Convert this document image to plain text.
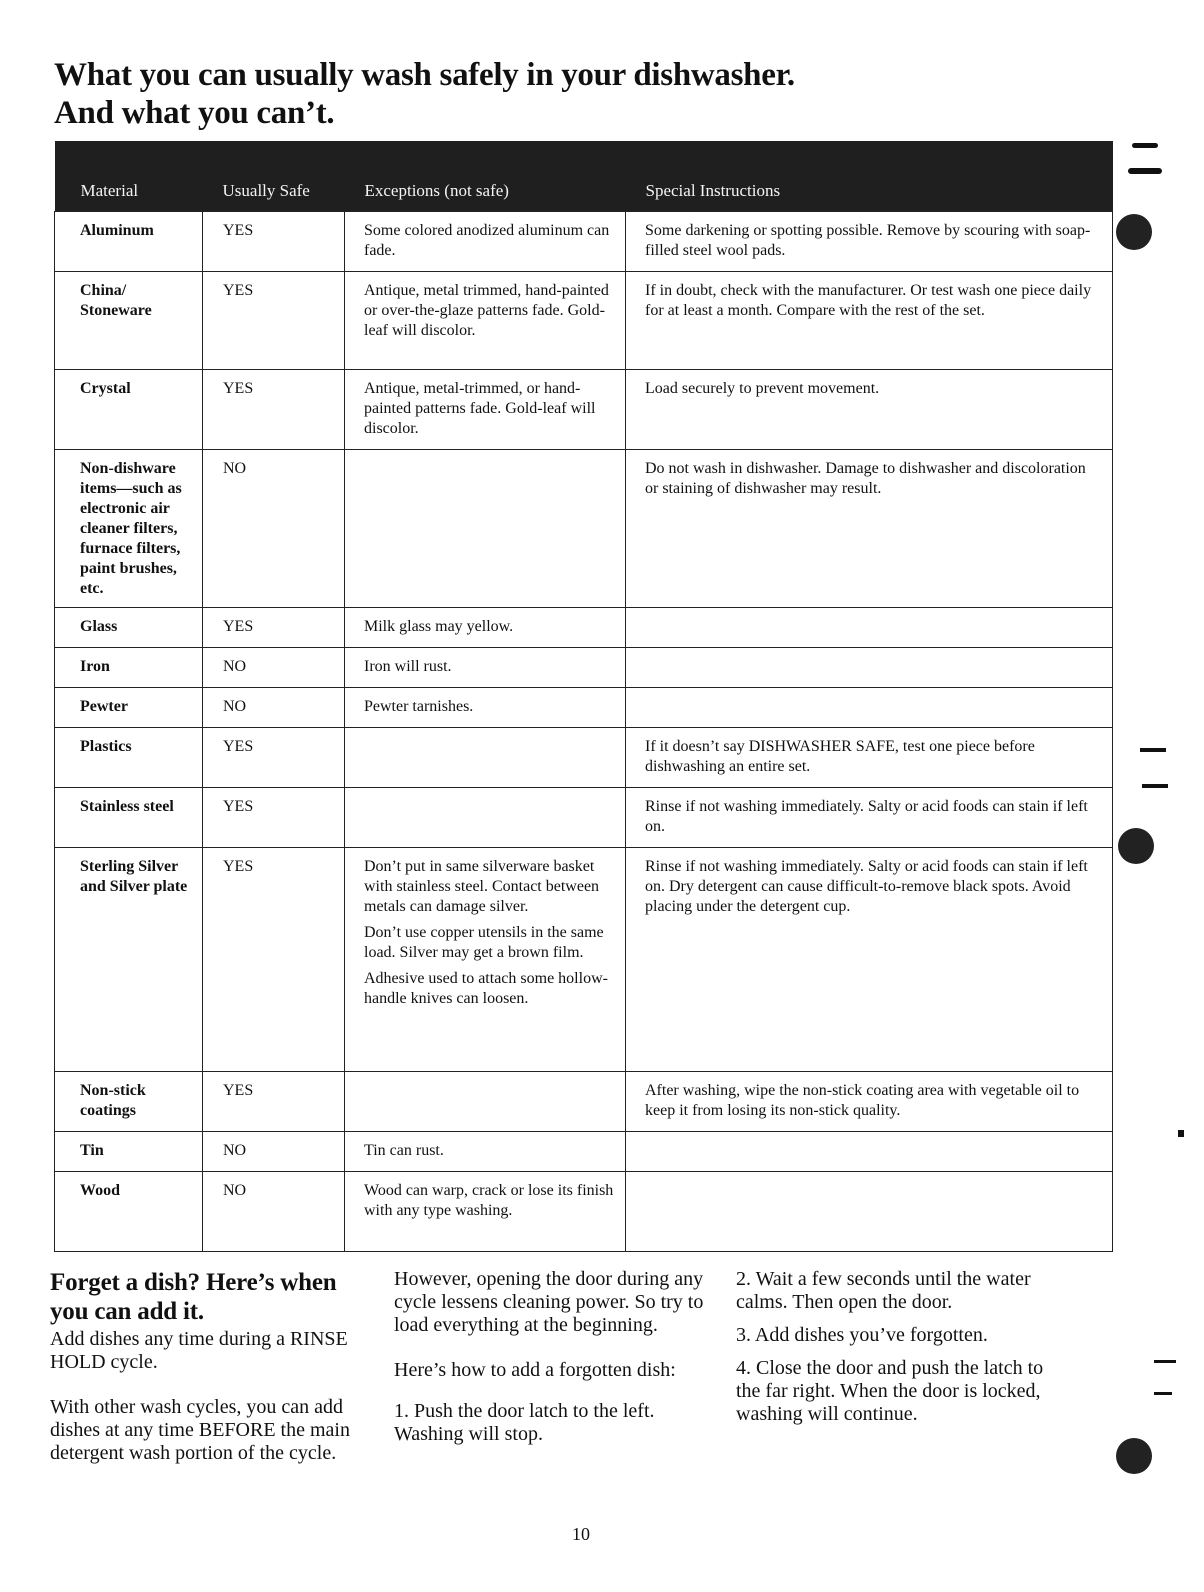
What you can usually wash safely in your dishwasher.
And what you can’t.
Material	Usually Safe	Exceptions (not safe)	Special Instructions
Aluminum	YES	Some colored anodized aluminum can fade.	Some darkening or spotting possible. Remove by scouring with soap-filled steel wool pads.
China/ Stoneware	YES	Antique, metal trimmed, hand-painted or over-the-glaze patterns fade. Gold-leaf will discolor.	If in doubt, check with the manufacturer. Or test wash one piece daily for at least a month. Compare with the rest of the set.
Crystal	YES	Antique, metal-trimmed, or hand-painted patterns fade. Gold-leaf will discolor.	Load securely to prevent movement.
Non-dishware items—such as electronic air cleaner filters, furnace filters, paint brushes, etc.	NO		Do not wash in dishwasher. Damage to dishwasher and discoloration or staining of dishwasher may result.
Glass	YES	Milk glass may yellow.	

Iron	NO	Iron will rust.	

Pewter	NO	Pewter tarnishes.	

Plastics	YES		If it doesn’t say DISHWASHER SAFE, test one piece before dishwashing an entire set.
Stainless steel	YES		Rinse if not washing immediately. Salty or acid foods can stain if left on.
Sterling Silver and Silver plate	YES	Don’t put in same silverware basket with stainless steel. Contact between metals can damage silver.

Don’t use copper utensils in the same load. Silver may get a brown film.

Adhesive used to attach some hollow-handle knives can loosen.	Rinse if not washing immediately. Salty or acid foods can stain if left on. Dry detergent can cause difficult-to-remove black spots. Avoid placing under the detergent cup.
Non-stick coatings	YES		After washing, wipe the non-stick coating area with vegetable oil to keep it from losing its non-stick quality.
Tin	NO	Tin can rust.	

Wood	NO	Wood can warp, crack or lose its finish with any type washing.	

Forget a dish? Here’s when you can add it.

Add dishes any time during a RINSE HOLD cycle.

With other wash cycles, you can add dishes at any time BEFORE the main detergent wash portion of the cycle.

However, opening the door during any cycle lessens cleaning power. So try to load everything at the beginning.

Here’s how to add a forgotten dish:

1. Push the door latch to the left. Washing will stop.

2. Wait a few seconds until the water calms. Then open the door.

3. Add dishes you’ve forgotten.

4. Close the door and push the latch to the far right. When the door is locked, washing will continue.

10
